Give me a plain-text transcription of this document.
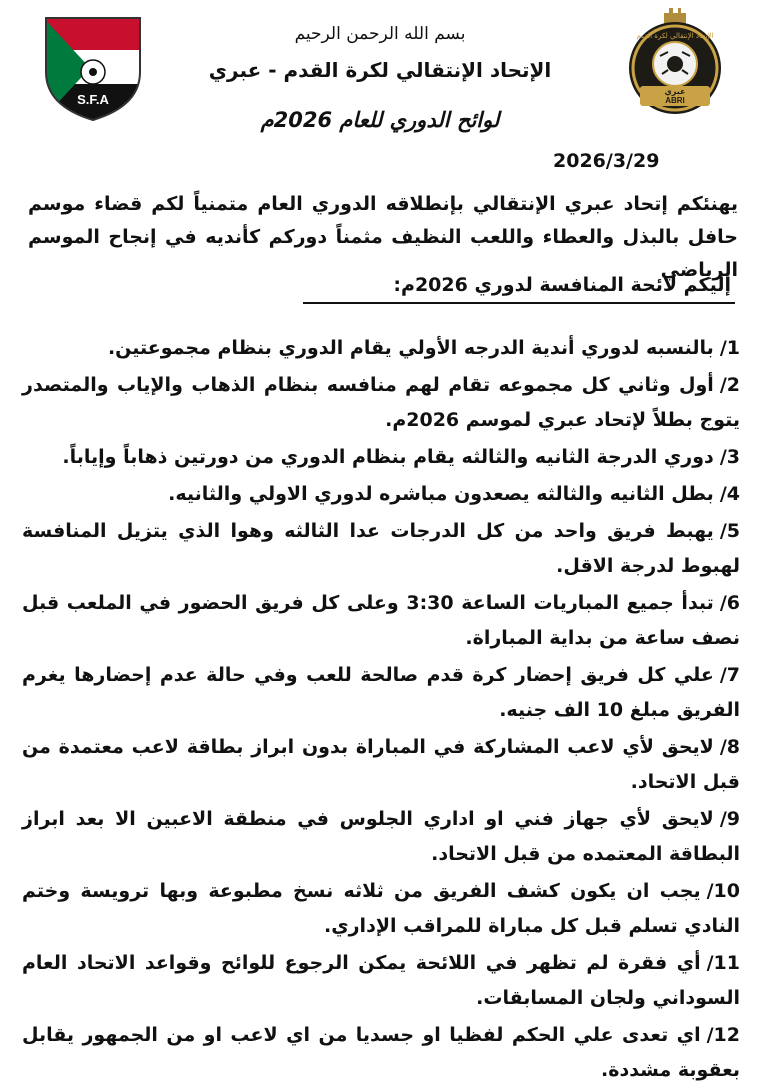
S.F.A
الإتحاد الإنتقالي لكرة القدم
عبري
ABRI
بسم الله الرحمن الرحيم
الإتحاد الإنتقالي لكرة القدم - عبري
لوائح الدوري للعام 2026م
2026/3/29
يهنئكم إتحاد عبري الإنتقالي بإنطلاقه الدوري العام متمنياً لكم قضاء موسم حافل بالبذل والعطاء واللعب النظيف مثمناً دوركم كأنديه في إنجاح الموسم الرياضي
إليكم لائحة المنافسة لدوري 2026م:
1/بالنسبه لدوري أندية الدرجه الأولي يقام الدوري بنظام مجموعتين.
2/أول وثاني كل مجموعه تقام لهم منافسه بنظام الذهاب والإياب والمتصدر يتوج بطلاً لإتحاد عبري لموسم 2026م.
3/دوري الدرجة الثانيه والثالثه يقام بنظام الدوري من دورتين ذهاباً وإياباً.
4/بطل الثانيه والثالثه يصعدون مباشره لدوري الاولي والثانيه.
5/يهبط فريق واحد من كل الدرجات عدا الثالثه وهوا الذي يتزيل المنافسة لهبوط لدرجة الاقل.
6/تبدأ جميع المباريات الساعة 3:30 وعلى كل فريق الحضور في الملعب قبل نصف ساعة من بداية المباراة.
7/علي كل فريق إحضار كرة قدم صالحة للعب وفي حالة عدم إحضارها يغرم الفريق مبلغ 10 الف جنيه.
8/لايحق لأي لاعب المشاركة في المباراة بدون ابراز بطاقة لاعب معتمدة من قبل الاتحاد.
9/لايحق لأي جهاز فني او اداري الجلوس في منطقة الاعبين الا بعد ابراز البطاقة المعتمده من قبل الاتحاد.
10/يجب ان يكون كشف الفريق من ثلاثه نسخ مطبوعة وبها ترويسة وختم النادي تسلم قبل كل مباراة للمراقب الإداري.
11/أي فقرة لم تظهر في اللائحة يمكن الرجوع للوائح وقواعد الاتحاد العام السوداني ولجان المسابقات.
12/اي تعدى علي الحكم لفظيا او جسديا من اي لاعب او من الجمهور يقابل بعقوبة مشددة.
